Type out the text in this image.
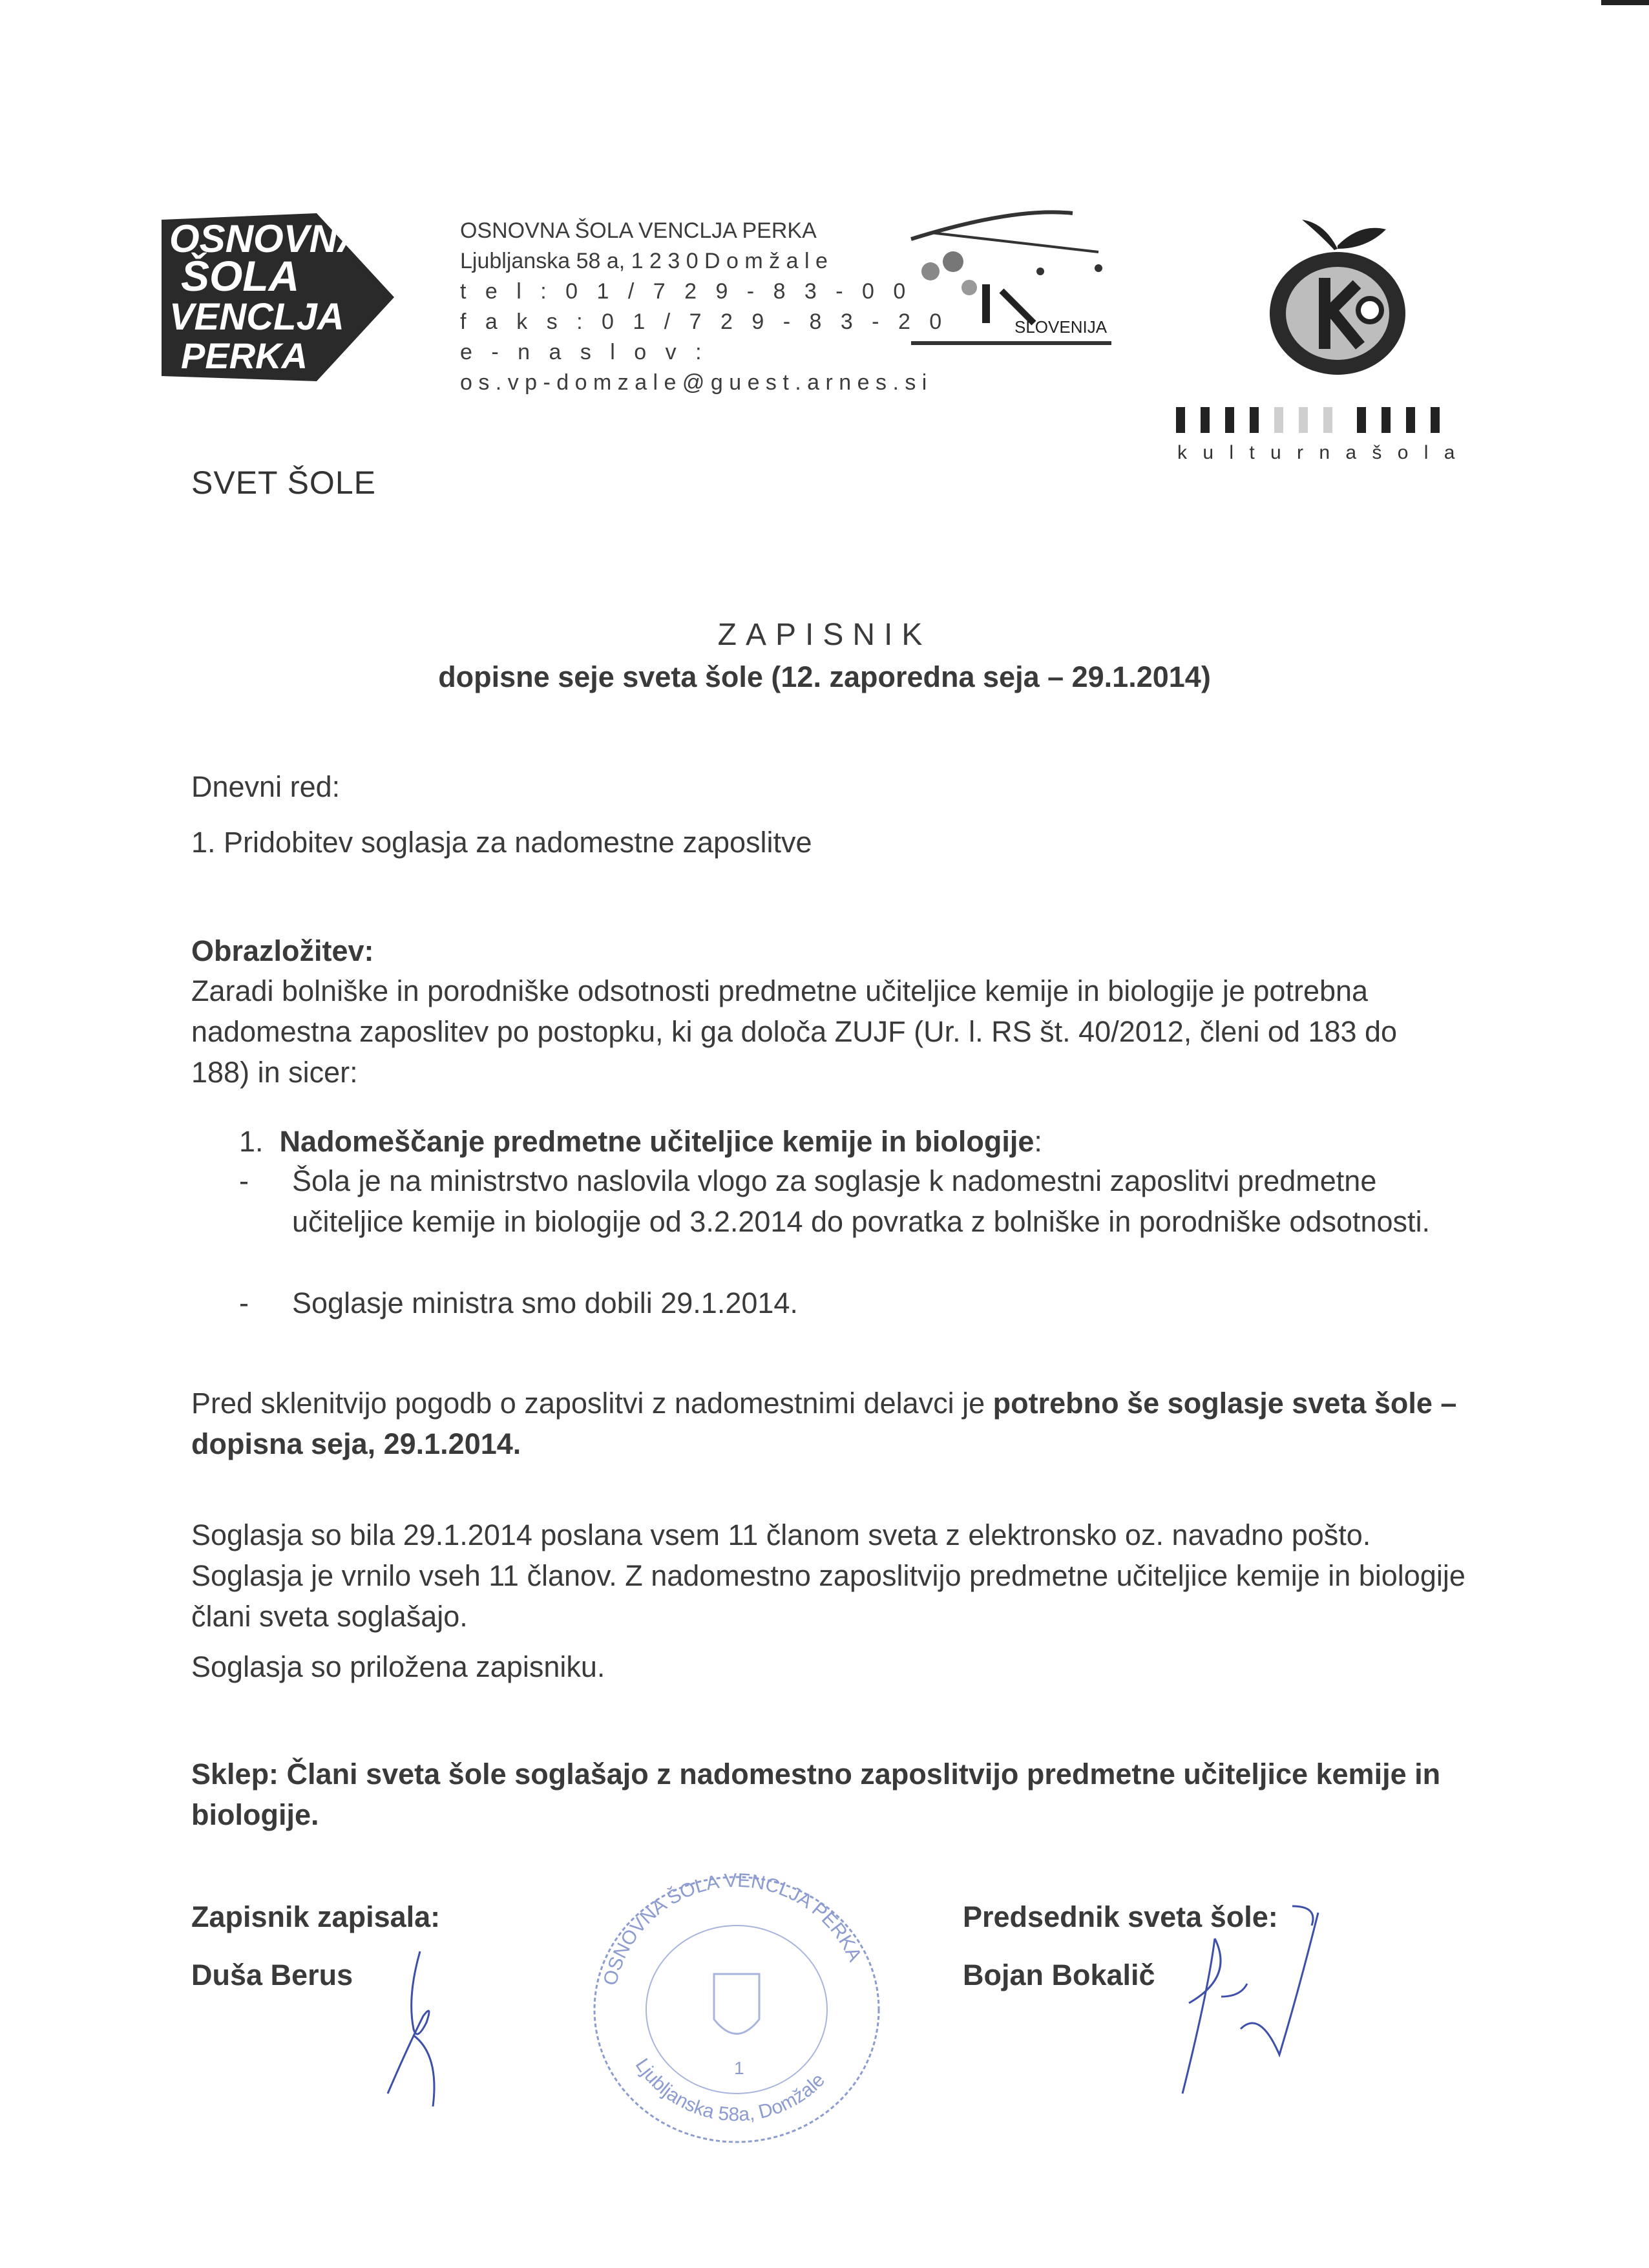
OSNOVNA
ŠOLA
VENCLJA
PERKA
OSNOVNA ŠOLA VENCLJA PERKA
Ljubljanska 58 a, 1 2 3 0 D o m ž a l e
t e l : 0 1 / 7 2 9 - 8 3 - 0 0
f a k s : 0 1 / 7 2 9 - 8 3 - 2 0
e - n a s l o v :
o s . v p - d o m z a l e @ g u e s t . a r n e s . s i
SLOVENIJA
k u l t u r n a š o l a
SVET ŠOLE
ZAPISNIK
dopisne seje sveta šole (12. zaporedna seja – 29.1.2014)
Dnevni red:
1. Pridobitev soglasja za nadomestne zaposlitve
Obrazložitev:
Zaradi bolniške in porodniške odsotnosti predmetne učiteljice kemije in biologije je potrebna nadomestna zaposlitev po postopku, ki ga določa ZUJF (Ur. l. RS št. 40/2012, členi od 183 do 188) in sicer:
1. Nadomeščanje predmetne učiteljice kemije in biologije:
- Šola je na ministrstvo naslovila vlogo za soglasje k nadomestni zaposlitvi predmetne učiteljice kemije in biologije od 3.2.2014 do povratka z bolniške in porodniške odsotnosti.
- Soglasje ministra smo dobili 29.1.2014.
Pred sklenitvijo pogodb o zaposlitvi z nadomestnimi delavci je potrebno še soglasje sveta šole – dopisna seja, 29.1.2014.
Soglasja so bila 29.1.2014 poslana vsem 11 članom sveta z elektronsko oz. navadno pošto. Soglasja je vrnilo vseh 11 članov. Z nadomestno zaposlitvijo predmetne učiteljice kemije in biologije člani sveta soglašajo.
Soglasja so priložena zapisniku.
Sklep: Člani sveta šole soglašajo z nadomestno zaposlitvijo predmetne učiteljice kemije in biologije.
Zapisnik zapisala:
Duša Berus
Predsednik sveta šole:
Bojan Bokalič
OSNOVNA ŠOLA VENCLJA PERKA
Ljubljanska 58a, Domžale
1
